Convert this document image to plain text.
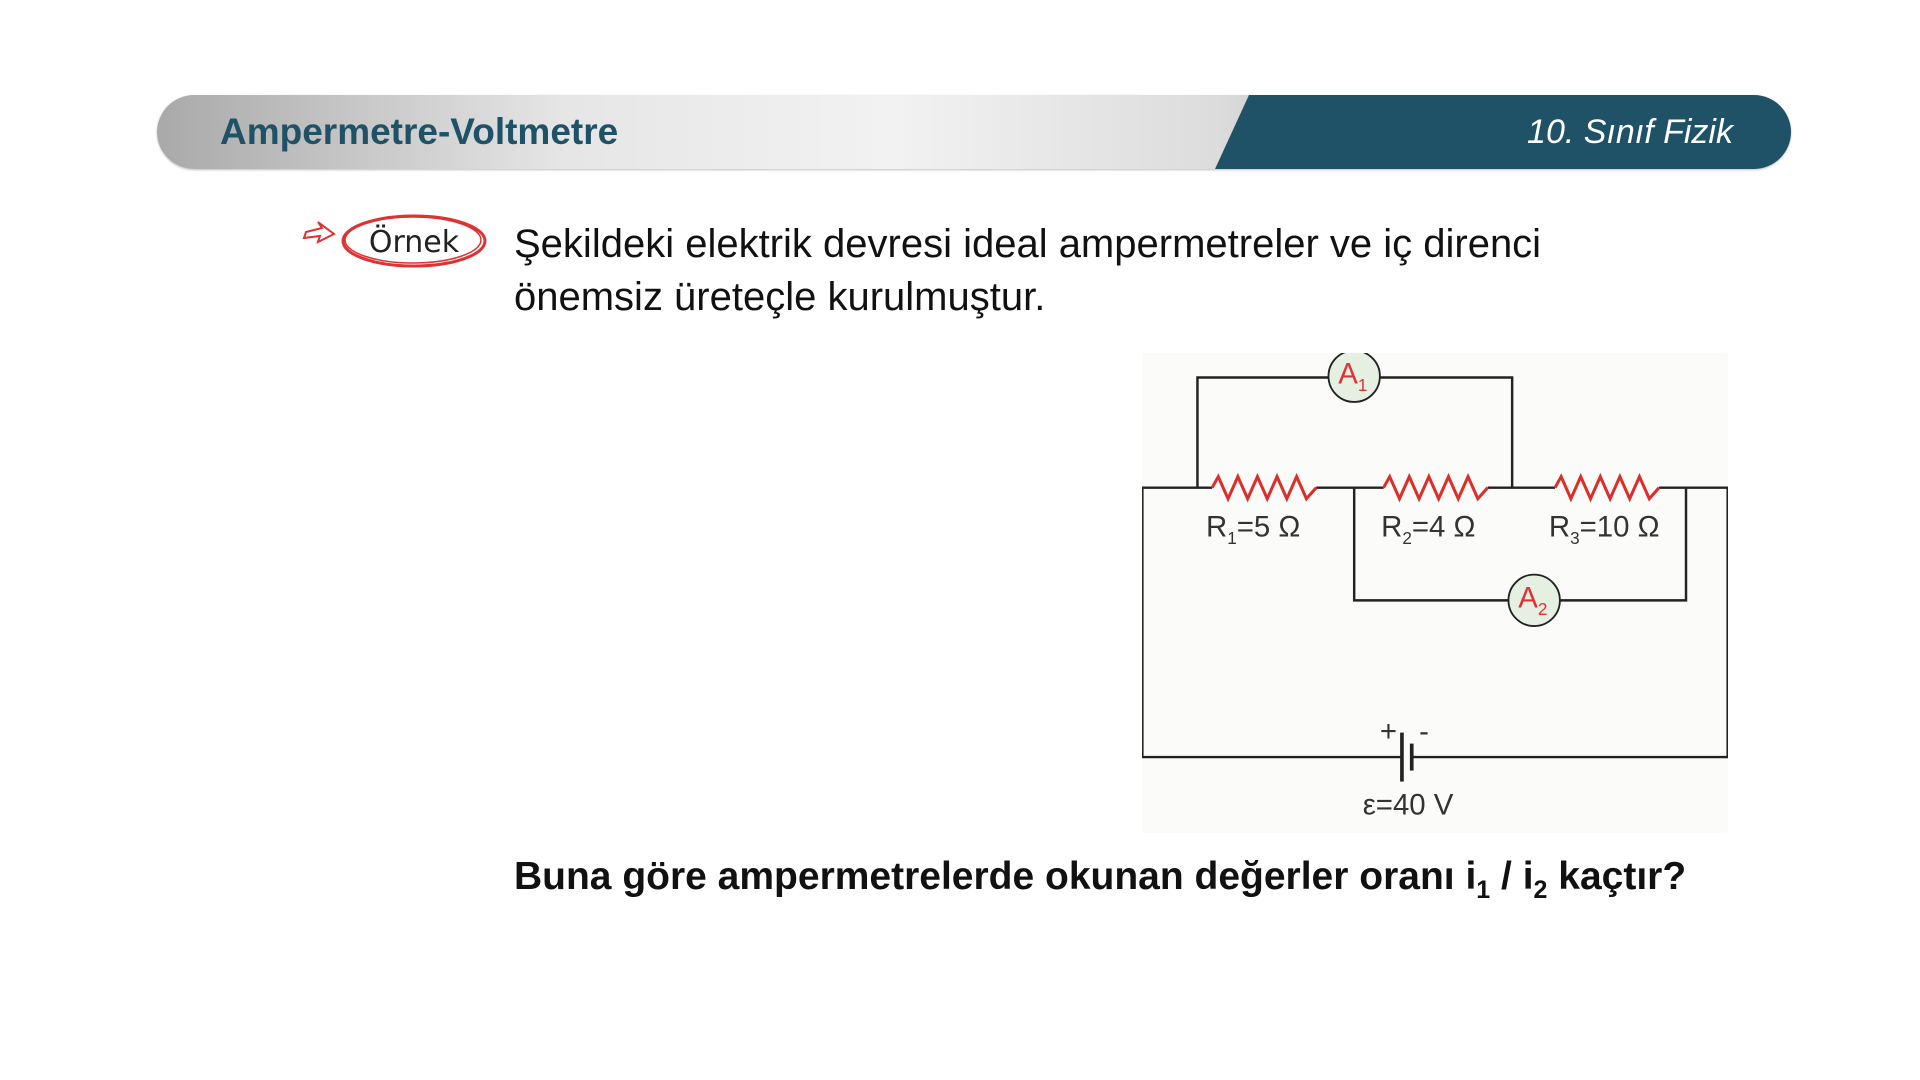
Ampermetre-Voltmetre	10. Sınıf Fizik
Örnek Şekildeki elektrik devresi ideal ampermetreler ve iç direnci
önemsiz üreteçle kurulmuştur.
$A_1$
$A_2$
$R_1=5$ Ω	$R_2=4$ Ω	$R_3=10$ Ω
+ -
ε=40 V
Buna göre ampermetrelerde okunan değerler oranı $i_1 / i_2$ kaçtır?
